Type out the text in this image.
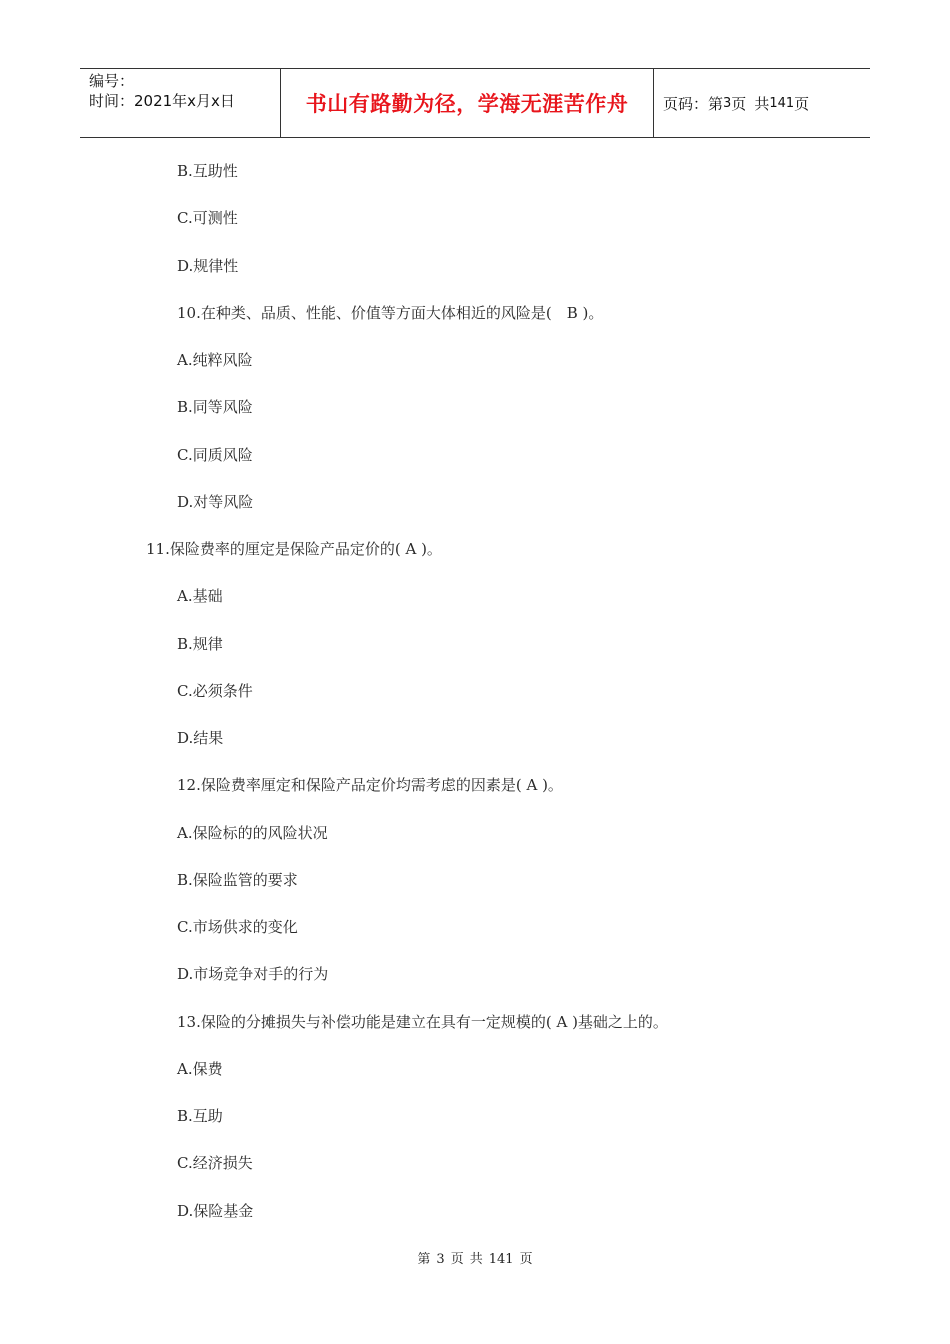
编号：
时间：2021年x月x日	书山有路勤为径，学海无涯苦作舟 页码：第 3 页 共 141 页
B.互助性
C.可测性
D.规律性
10.在种类、品质、性能、价值等方面大体相近的风险是(　B )。
A.纯粹风险
B.同等风险
C.同质风险
D.对等风险
11.保险费率的厘定是保险产品定价的( A )。
A.基础
B.规律
C.必须条件
D.结果
12.保险费率厘定和保险产品定价均需考虑的因素是( A )。
A.保险标的的风险状况
B.保险监管的要求
C.市场供求的变化
D.市场竞争对手的行为
13.保险的分摊损失与补偿功能是建立在具有一定规模的( A )基础之上的。
A.保费
B.互助
C.经济损失
D.保险基金
第 3 页 共 141 页
